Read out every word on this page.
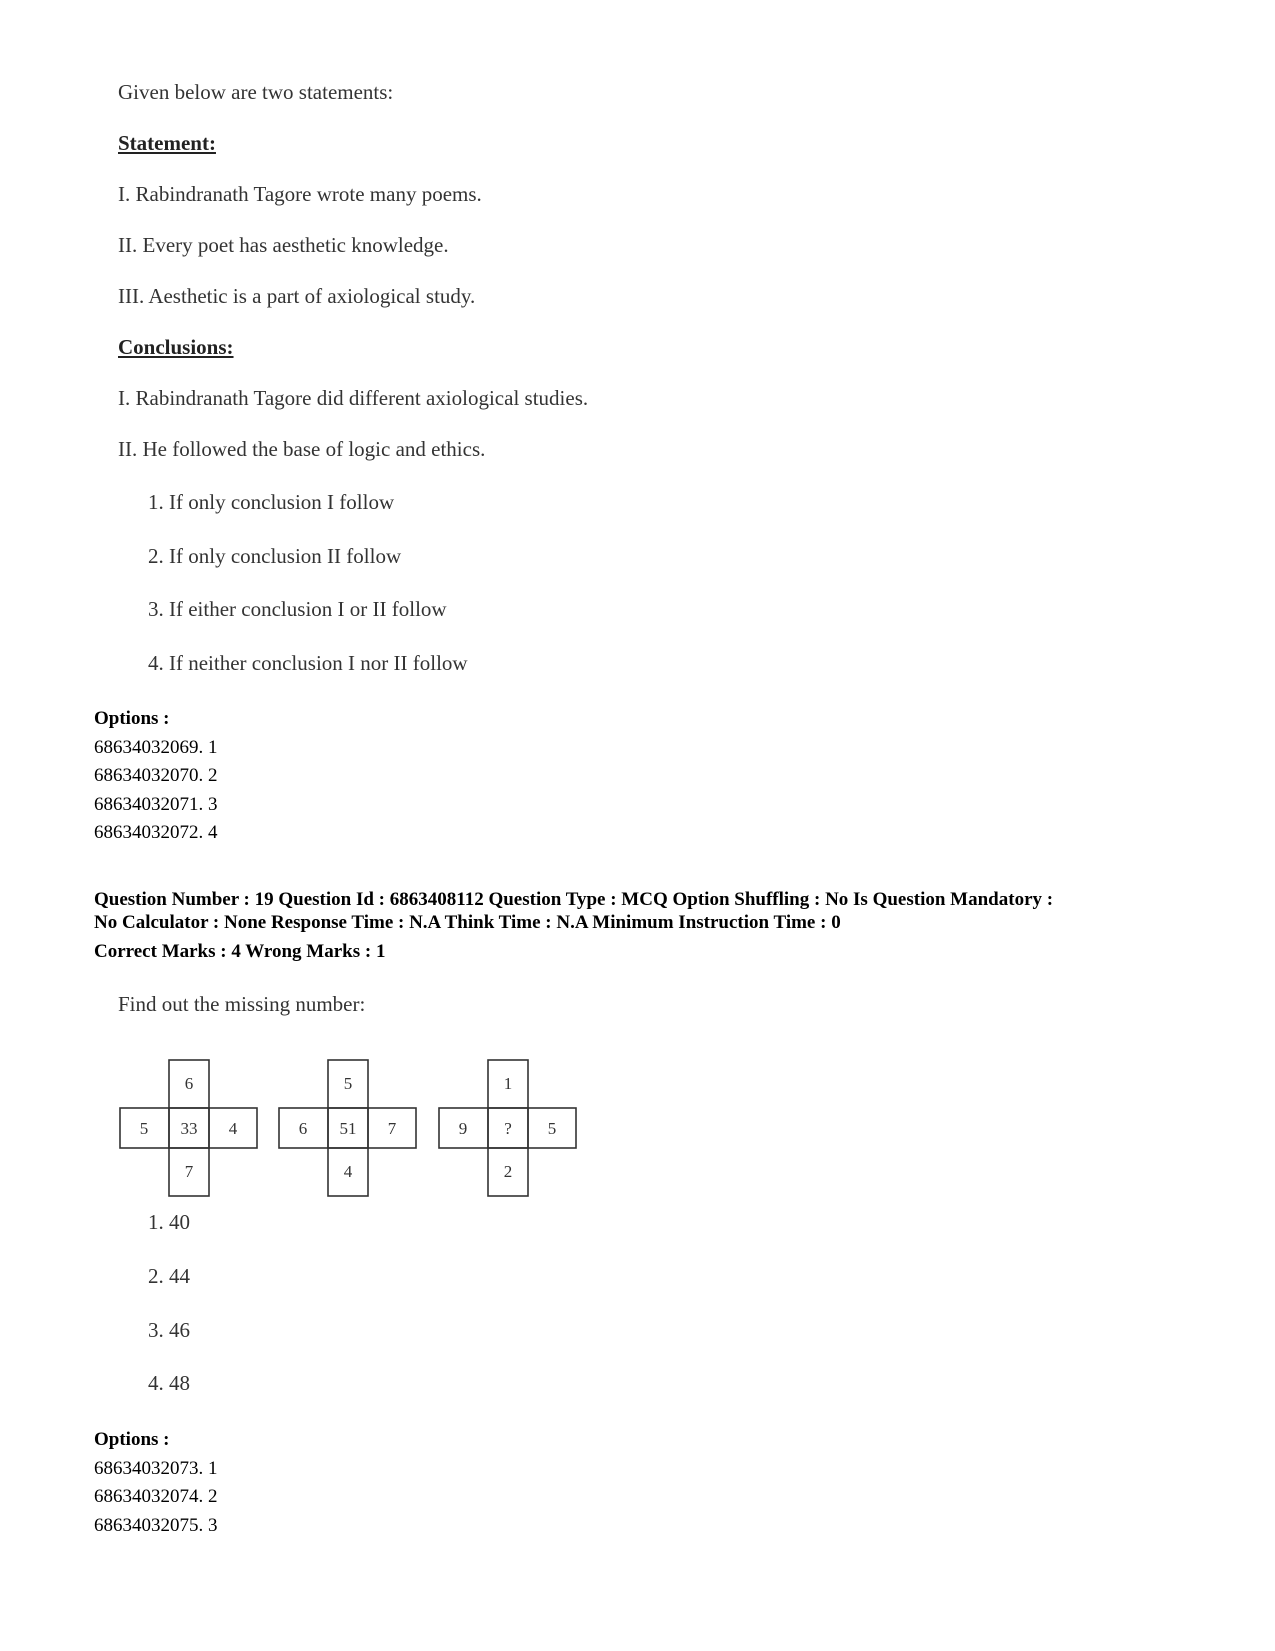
Given below are two statements:
Statement:
I. Rabindranath Tagore wrote many poems.
II. Every poet has aesthetic knowledge.
III. Aesthetic is a part of axiological study.
Conclusions:
I. Rabindranath Tagore did different axiological studies.
II. He followed the base of logic and ethics.
1. If only conclusion I follow
2. If only conclusion II follow
3. If either conclusion I or II follow
4. If neither conclusion I nor II follow
Options :
68634032069. 1
68634032070. 2
68634032071. 3
68634032072. 4
Question Number : 19 Question Id : 6863408112 Question Type : MCQ Option Shuffling : No Is Question Mandatory :
No Calculator : None Response Time : N.A Think Time : N.A Minimum Instruction Time : 0
Correct Marks : 4 Wrong Marks : 1
Find out the missing number:
6
5 33 4
7
5
6 51 7
4
1
9 ? 5
2
1. 40
2. 44
3. 46
4. 48
Options :
68634032073. 1
68634032074. 2
68634032075. 3
